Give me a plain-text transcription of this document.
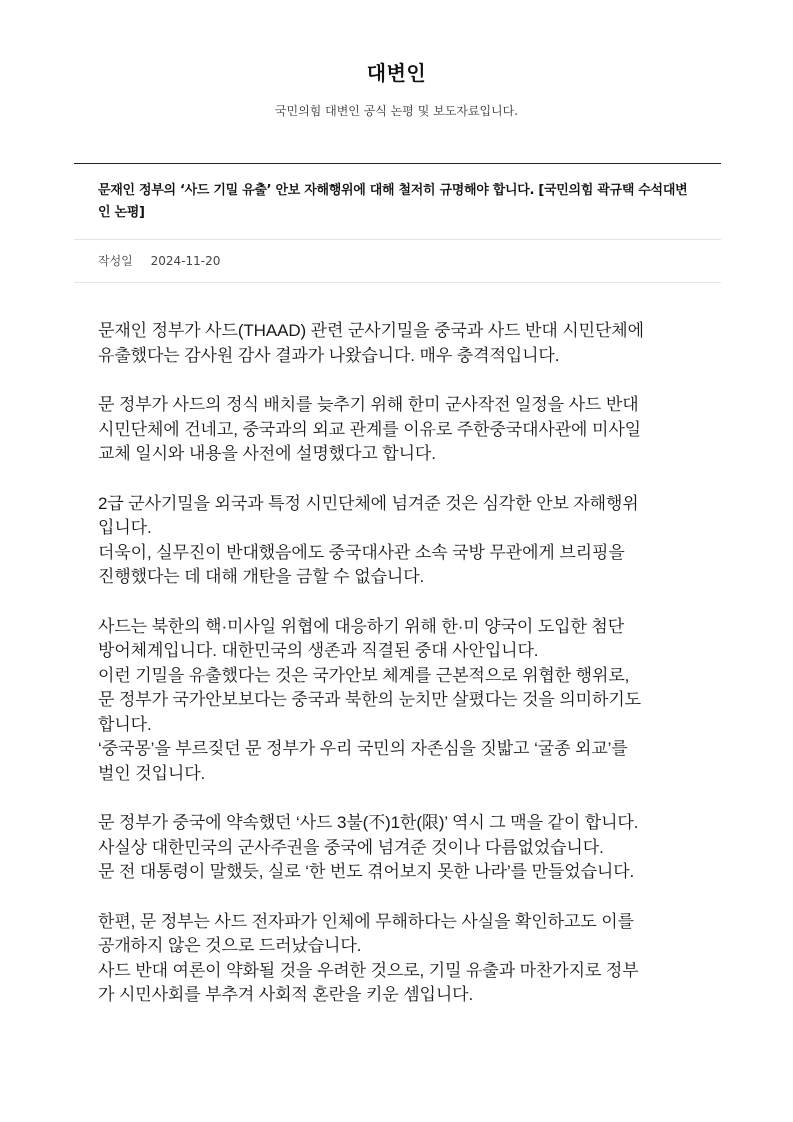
대변인
국민의힘 대변인 공식 논평 및 보도자료입니다.
문재인 정부의 ‘사드 기밀 유출’ 안보 자해행위에 대해 철저히 규명해야 합니다. [국민의힘 곽규택 수석대변인 논평]
작성일 2024-11-20

문재인 정부가 사드(THAAD) 관련 군사기밀을 중국과 사드 반대 시민단체에
유출했다는 감사원 감사 결과가 나왔습니다. 매우 충격적입니다.

문 정부가 사드의 정식 배치를 늦추기 위해 한미 군사작전 일정을 사드 반대
시민단체에 건네고, 중국과의 외교 관계를 이유로 주한중국대사관에 미사일
교체 일시와 내용을 사전에 설명했다고 합니다.

2급 군사기밀을 외국과 특정 시민단체에 넘겨준 것은 심각한 안보 자해행위
입니다.
더욱이, 실무진이 반대했음에도 중국대사관 소속 국방 무관에게 브리핑을
진행했다는 데 대해 개탄을 금할 수 없습니다.

사드는 북한의 핵·미사일 위협에 대응하기 위해 한·미 양국이 도입한 첨단
방어체계입니다. 대한민국의 생존과 직결된 중대 사안입니다.
이런 기밀을 유출했다는 것은 국가안보 체계를 근본적으로 위협한 행위로,
문 정부가 국가안보보다는 중국과 북한의 눈치만 살폈다는 것을 의미하기도
합니다.
‘중국몽’을 부르짖던 문 정부가 우리 국민의 자존심을 짓밟고 ‘굴종 외교’를
벌인 것입니다.

문 정부가 중국에 약속했던 ‘사드 3불(不)1한(限)’ 역시 그 맥을 같이 합니다.
사실상 대한민국의 군사주권을 중국에 넘겨준 것이나 다름없었습니다.
문 전 대통령이 말했듯, 실로 ‘한 번도 겪어보지 못한 나라’를 만들었습니다.

한편, 문 정부는 사드 전자파가 인체에 무해하다는 사실을 확인하고도 이를
공개하지 않은 것으로 드러났습니다.
사드 반대 여론이 약화될 것을 우려한 것으로, 기밀 유출과 마찬가지로 정부
가 시민사회를 부추겨 사회적 혼란을 키운 셈입니다.
